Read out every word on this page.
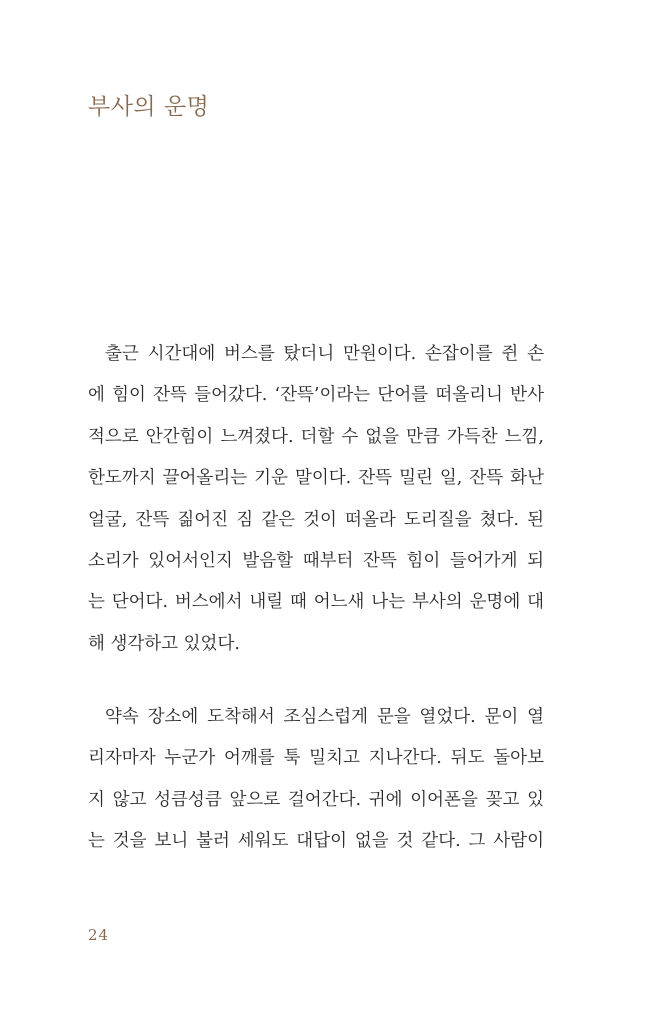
부사의 운명
출근 시간대에 버스를 탔더니 만원이다. 손잡이를 쥔 손
에 힘이 잔뜩 들어갔다. ‘잔뜩’이라는 단어를 떠올리니 반사
적으로 안간힘이 느껴졌다. 더할 수 없을 만큼 가득찬 느낌,
한도까지 끌어올리는 기운 말이다. 잔뜩 밀린 일, 잔뜩 화난
얼굴, 잔뜩 짊어진 짐 같은 것이 떠올라 도리질을 쳤다. 된
소리가 있어서인지 발음할 때부터 잔뜩 힘이 들어가게 되
는 단어다. 버스에서 내릴 때 어느새 나는 부사의 운명에 대
해 생각하고 있었다.
약속 장소에 도착해서 조심스럽게 문을 열었다. 문이 열
리자마자 누군가 어깨를 툭 밀치고 지나간다. 뒤도 돌아보
지 않고 성큼성큼 앞으로 걸어간다. 귀에 이어폰을 꽂고 있
는 것을 보니 불러 세워도 대답이 없을 것 같다. 그 사람이
24
